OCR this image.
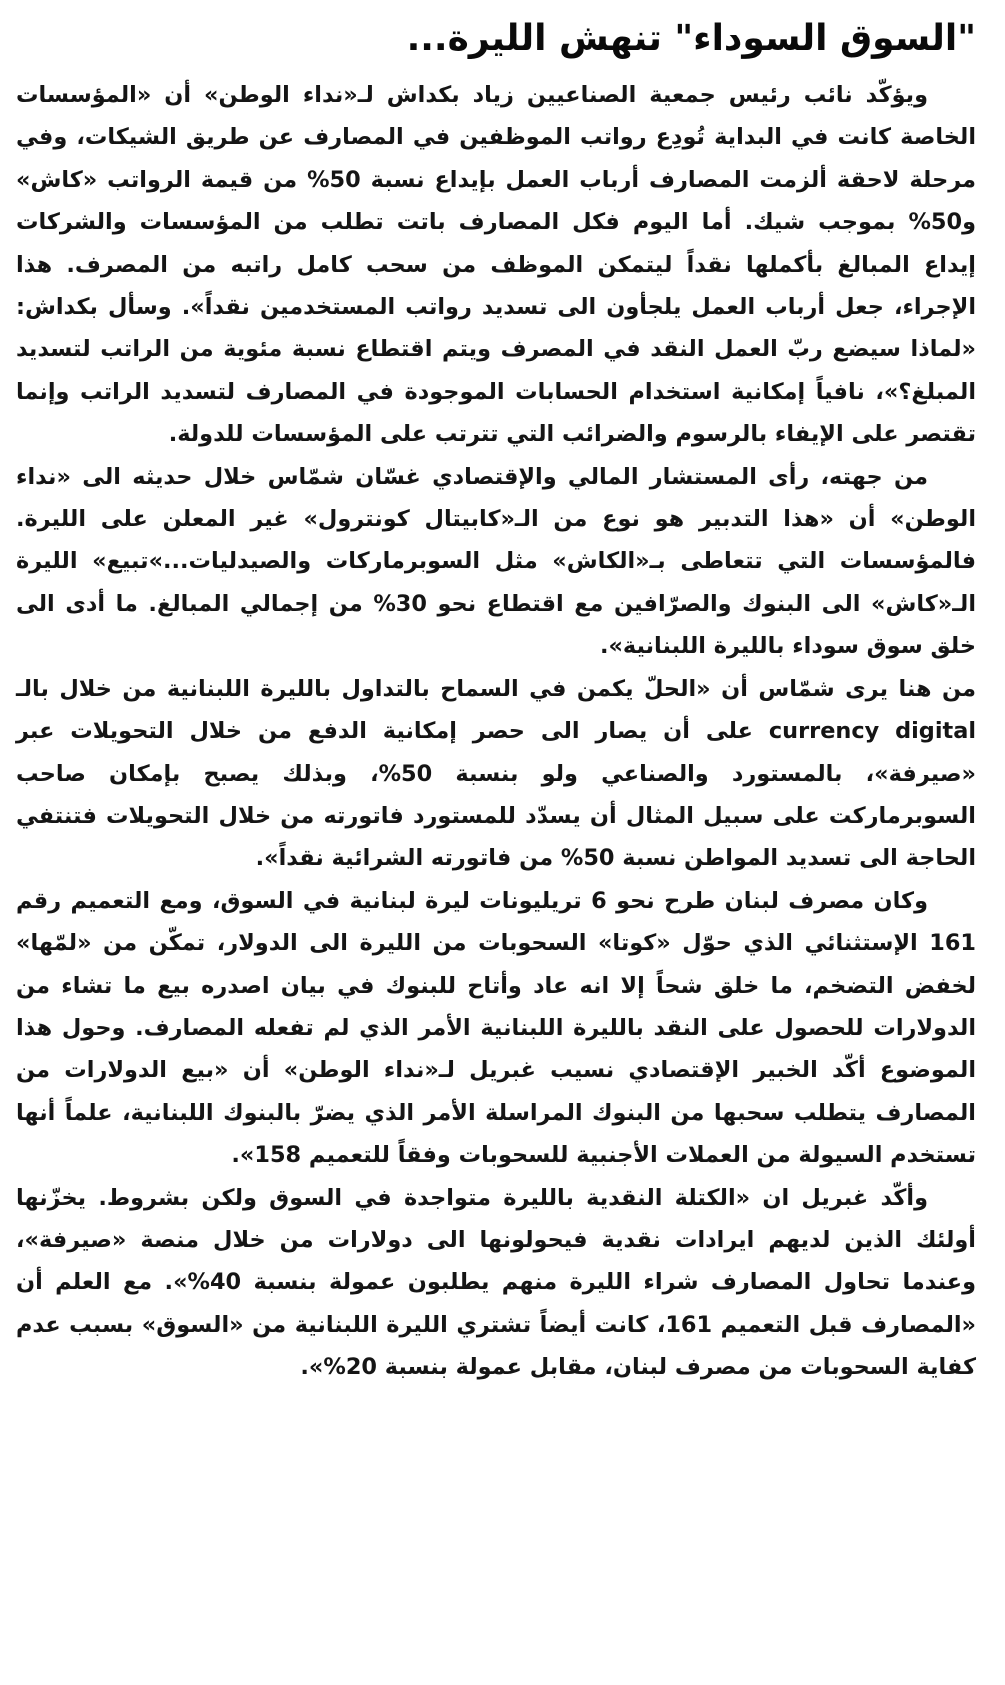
"السوق السوداء" تنهش الليرة...

ويؤكّد نائب رئيس جمعية الصناعيين زياد بكداش لـ«نداء الوطن» أن «المؤسسات الخاصة كانت في البداية تُودِع رواتب الموظفين في المصارف عن طريق الشيكات، وفي مرحلة لاحقة ألزمت المصارف أرباب العمل بإيداع نسبة 50% من قيمة الرواتب «كاش» و50% بموجب شيك. أما اليوم فكل المصارف باتت تطلب من المؤسسات والشركات إيداع المبالغ بأكملها نقداً ليتمكن الموظف من سحب كامل راتبه من المصرف. هذا الإجراء، جعل أرباب العمل يلجأون الى تسديد رواتب المستخدمين نقداً». وسأل بكداش: «لماذا سيضع ربّ العمل النقد في المصرف ويتم اقتطاع نسبة مئوية من الراتب لتسديد المبلغ؟»، نافياً إمكانية استخدام الحسابات الموجودة في المصارف لتسديد الراتب وإنما تقتصر على الإيفاء بالرسوم والضرائب التي تترتب على المؤسسات للدولة.

من جهته، رأى المستشار المالي والإقتصادي غسّان شمّاس خلال حديثه الى «نداء الوطن» أن «هذا التدبير هو نوع من الـ«كابيتال كونترول» غير المعلن على الليرة. فالمؤسسات التي تتعاطى بـ«الكاش» مثل السوبرماركات والصيدليات...»تبيع» الليرة الـ«كاش» الى البنوك والصرّافين مع اقتطاع نحو 30% من إجمالي المبالغ. ما أدى الى خلق سوق سوداء بالليرة اللبنانية».

من هنا يرى شمّاس أن «الحلّ يكمن في السماح بالتداول بالليرة اللبنانية من خلال بالـ currency digital على أن يصار الى حصر إمكانية الدفع من خلال التحويلات عبر «صيرفة»، بالمستورد والصناعي ولو بنسبة 50%، وبذلك يصبح بإمكان صاحب السوبرماركت على سبيل المثال أن يسدّد للمستورد فاتورته من خلال التحويلات فتنتفي الحاجة الى تسديد المواطن نسبة 50% من فاتورته الشرائية نقداً».

وكان مصرف لبنان طرح نحو 6 تريليونات ليرة لبنانية في السوق، ومع التعميم رقم 161 الإستثنائي الذي حوّل «كوتا» السحوبات من الليرة الى الدولار، تمكّن من «لمّها» لخفض التضخم، ما خلق شحاً إلا انه عاد وأتاح للبنوك في بيان اصدره بيع ما تشاء من الدولارات للحصول على النقد بالليرة اللبنانية الأمر الذي لم تفعله المصارف. وحول هذا الموضوع أكّد الخبير الإقتصادي نسيب غبريل لـ«نداء الوطن» أن «بيع الدولارات من المصارف يتطلب سحبها من البنوك المراسلة الأمر الذي يضرّ بالبنوك اللبنانية، علماً أنها تستخدم السيولة من العملات الأجنبية للسحوبات وفقاً للتعميم 158».

وأكّد غبريل ان «الكتلة النقدية بالليرة متواجدة في السوق ولكن بشروط. يخزّنها أولئك الذين لديهم ايرادات نقدية فيحولونها الى دولارات من خلال منصة «صيرفة»، وعندما تحاول المصارف شراء الليرة منهم يطلبون عمولة بنسبة 40%». مع العلم أن «المصارف قبل التعميم 161، كانت أيضاً تشتري الليرة اللبنانية من «السوق» بسبب عدم كفاية السحوبات من مصرف لبنان، مقابل عمولة بنسبة 20%».
